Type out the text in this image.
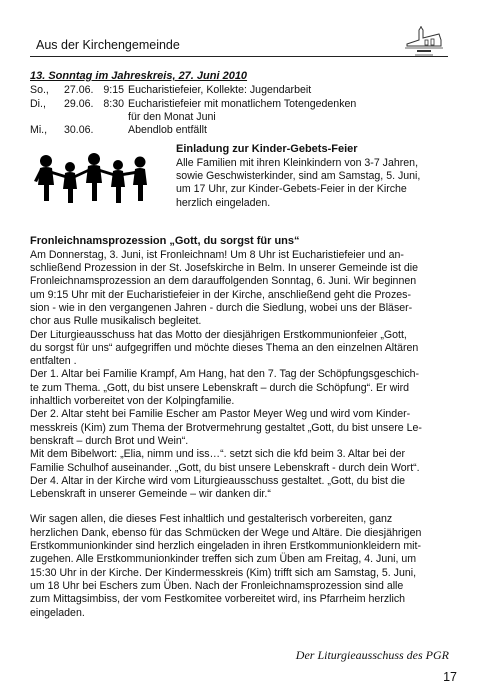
Aus der Kirchengemeinde
13. Sonntag im Jahreskreis, 27. Juni 2010
So., 27.06. 9:15 Eucharistiefeier, Kollekte: Jugendarbeit
Di., 29.06. 8:30 Eucharistiefeier mit monatlichem Totengedenken
für den Monat Juni
Mi., 30.06.	Abendlob entfällt
Einladung zur Kinder-Gebets-Feier
Alle Familien mit ihren Kleinkindern von 3-7 Jahren,
sowie Geschwisterkinder, sind am Samstag, 5. Juni,
um 17 Uhr, zur Kinder-Gebets-Feier in der Kirche
herzlich eingeladen.
Fronleichnamsprozession „Gott, du sorgst für uns“
Am Donnerstag, 3. Juni, ist Fronleichnam! Um 8 Uhr ist Eucharistiefeier und an-
schließend Prozession in der St. Josefskirche in Belm. In unserer Gemeinde ist die
Fronleichnamsprozession an dem darauffolgenden Sonntag, 6. Juni. Wir beginnen
um 9:15 Uhr mit der Eucharistiefeier in der Kirche, anschließend geht die Prozes-
sion - wie in den vergangenen Jahren - durch die Siedlung, wobei uns der Bläser-
chor aus Rulle musikalisch begleitet.
Der Liturgieausschuss hat das Motto der diesjährigen Erstkommunionfeier „Gott,
du sorgst für uns“ aufgegriffen und möchte dieses Thema an den einzelnen Altären
entfalten .
Der 1. Altar bei Familie Krampf, Am Hang, hat den 7. Tag der Schöpfungsgeschich-
te zum Thema. „Gott, du bist unsere Lebenskraft – durch die Schöpfung“. Er wird
inhaltlich vorbereitet von der Kolpingfamilie.
Der 2. Altar steht bei Familie Escher am Pastor Meyer Weg und wird vom Kinder-
messkreis (Kim) zum Thema der Brotvermehrung gestaltet „Gott, du bist unsere Le-
benskraft – durch Brot und Wein“.
Mit dem Bibelwort: „Elia, nimm und iss…“. setzt sich die kfd beim 3. Altar bei der
Familie Schulhof auseinander. „Gott, du bist unsere Lebenskraft - durch dein Wort“.
Der 4. Altar in der Kirche wird vom Liturgieausschuss gestaltet. „Gott, du bist die
Lebenskraft in unserer Gemeinde – wir danken dir.“
Wir sagen allen, die dieses Fest inhaltlich und gestalterisch vorbereiten, ganz
herzlichen Dank, ebenso für das Schmücken der Wege und Altäre. Die diesjährigen
Erstkommunionkinder sind herzlich eingeladen in ihren Erstkommunionkleidern mit-
zugehen. Alle Erstkommunionkinder treffen sich zum Üben am Freitag, 4. Juni, um
15:30 Uhr in der Kirche. Der Kindermesskreis (Kim) trifft sich am Samstag, 5. Juni,
um 18 Uhr bei Eschers zum Üben. Nach der Fronleichnamsprozession sind alle
zum Mittagsimbiss, der vom Festkomitee vorbereitet wird, ins Pfarrheim herzlich
eingeladen.
Der Liturgieausschuss des PGR
17
